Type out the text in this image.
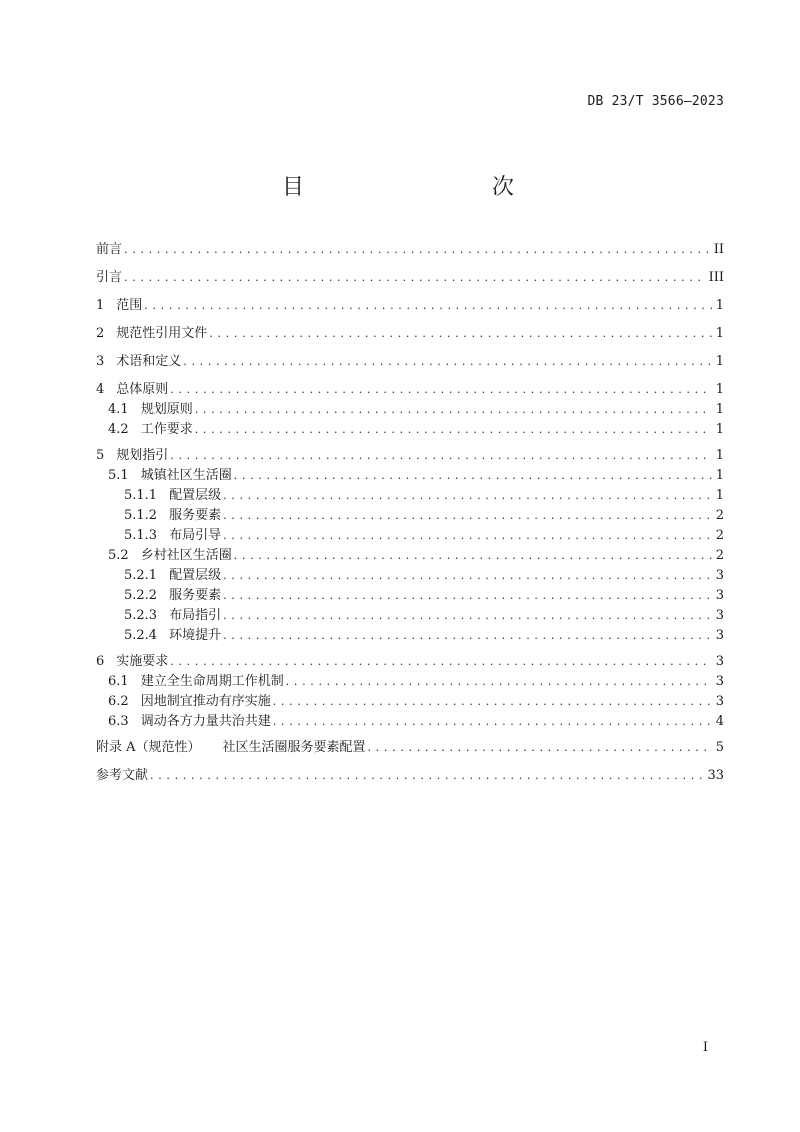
DB 23/T 3566—2023
目　　次
前言 . . .	II
引言 . . .	III
1 范围 . . .	1
2 规范性引用文件 . . .	1
3 术语和定义 . . .	1
4 总体原则 . . .	1
4.1 规划原则 . . .	1
4.2 工作要求 . . .	1
5 规划指引 . . .	1
5.1 城镇社区生活圈 . . .	1
5.1.1 配置层级 . . .	1
5.1.2 服务要素 . . .	2
5.1.3 布局引导 . . .	2
5.2 乡村社区生活圈 . . .	2
5.2.1 配置层级 . . .	3
5.2.2 服务要素 . . .	3
5.2.3 布局指引 . . .	3
5.2.4 环境提升 . . .	3
6 实施要求 . . .	3
6.1 建立全生命周期工作机制 . . .	3
6.2 因地制宜推动有序实施 . . .	3
6.3 调动各方力量共治共建 . . .	4
附录 A（规范性） 社区生活圈服务要素配置 . . .	5
参考文献 . . .	33
I
